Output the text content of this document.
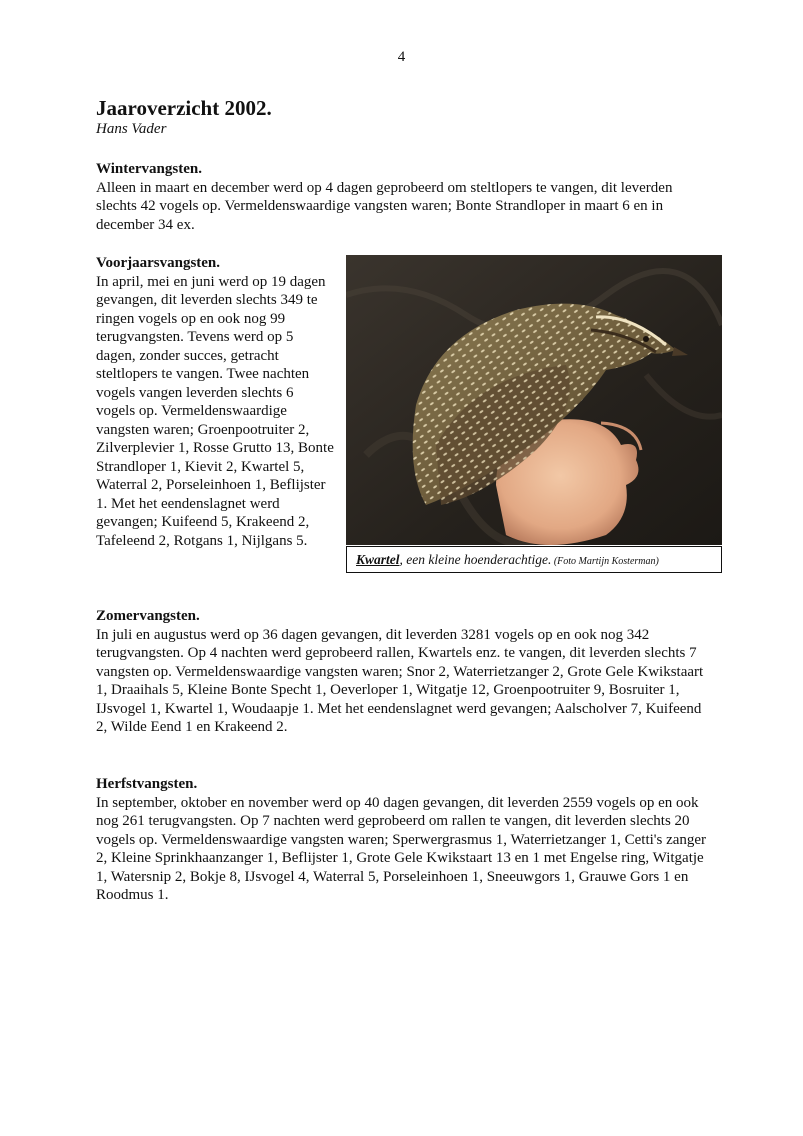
4
Jaaroverzicht 2002.
Hans Vader
Wintervangsten.

Alleen in maart en december werd op 4 dagen geprobeerd om steltlopers te vangen, dit leverden slechts 42 vogels op. Vermeldenswaardige vangsten waren; Bonte Strandloper in maart 6 en in december 34 ex.

Voorjaarsvangsten.

In april, mei en juni werd op 19 dagen gevangen, dit leverden slechts 349 te ringen vogels op en ook nog 99 terugvangsten. Tevens werd op 5 dagen, zonder succes, getracht steltlopers te vangen. Twee nachten vogels vangen leverden slechts 6 vogels op. Vermeldenswaardige vangsten waren; Groenpootruiter 2, Zilverplevier 1, Rosse Grutto 13, Bonte Strandloper 1, Kievit 2, Kwartel 5, Waterral 2, Porseleinhoen 1, Beflijster 1. Met het eendenslagnet werd gevangen; Kuifeend 5, Krakeend 2, Tafeleend 2, Rotgans 1, Nijlgans 5.

Kwartel, een kleine hoenderachtige. (Foto Martijn Kosterman)
Zomervangsten.

In juli en augustus werd op 36 dagen gevangen, dit leverden 3281 vogels op en ook nog 342 terugvangsten. Op 4 nachten werd geprobeerd rallen, Kwartels enz. te vangen, dit leverden slechts 7 vangsten op. Vermeldenswaardige vangsten waren; Snor 2, Waterrietzanger 2, Grote Gele Kwikstaart 1, Draaihals 5, Kleine Bonte Specht 1, Oeverloper 1, Witgatje 12, Groenpootruiter 9, Bosruiter 1, IJsvogel 1, Kwartel 1, Woudaapje 1. Met het eendenslagnet werd gevangen; Aalscholver 7, Kuifeend 2, Wilde Eend 1 en Krakeend 2.

Herfstvangsten.

In september, oktober en november werd op 40 dagen gevangen, dit leverden 2559 vogels op en ook nog 261 terugvangsten. Op 7 nachten werd geprobeerd om rallen te vangen, dit leverden slechts 20 vogels op. Vermeldenswaardige vangsten waren; Sperwergrasmus 1, Waterrietzanger 1, Cetti's zanger 2, Kleine Sprinkhaanzanger 1, Beflijster 1, Grote Gele Kwikstaart 13 en 1 met Engelse ring, Witgatje 1, Watersnip 2, Bokje 8, IJsvogel 4, Waterral 5, Porseleinhoen 1, Sneeuwgors 1, Grauwe Gors 1 en Roodmus 1.
